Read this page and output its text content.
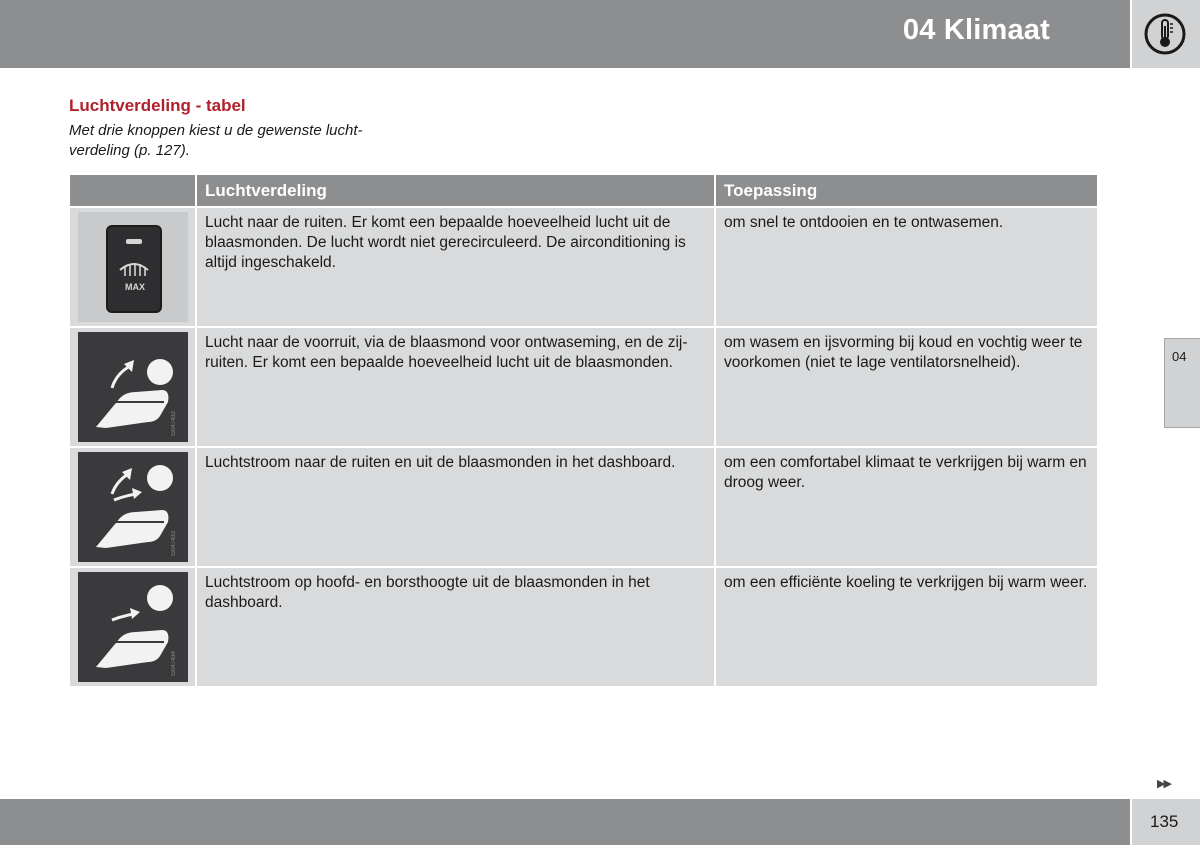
04 Klimaat
Luchtverdeling - tabel
Met drie knoppen kiest u de gewenste lucht-
verdeling (p. 127).
	Luchtverdeling	Toepassing

MAX	Lucht naar de ruiten. Er komt een bepaalde hoeveelheid lucht uit de blaasmonden. De lucht wordt niet gerecirculeerd. De airconditioning is altijd ingeschakeld.	om snel te ontdooien en te ontwasemen.

G047432	Lucht naar de voorruit, via de blaasmond voor ontwaseming, en de zij-ruiten. Er komt een bepaalde hoeveelheid lucht uit de blaasmonden.	om wasem en ijsvorming bij koud en vochtig weer te voorkomen (niet te lage ventilatorsnelheid).

G047433	Luchtstroom naar de ruiten en uit de blaasmonden in het dashboard.	om een comfortabel klimaat te verkrijgen bij warm en droog weer.

G047434	Luchtstroom op hoofd- en borsthoogte uit de blaasmonden in het dashboard.	om een efficiënte koeling te verkrijgen bij warm weer.
04
▶▶
135
